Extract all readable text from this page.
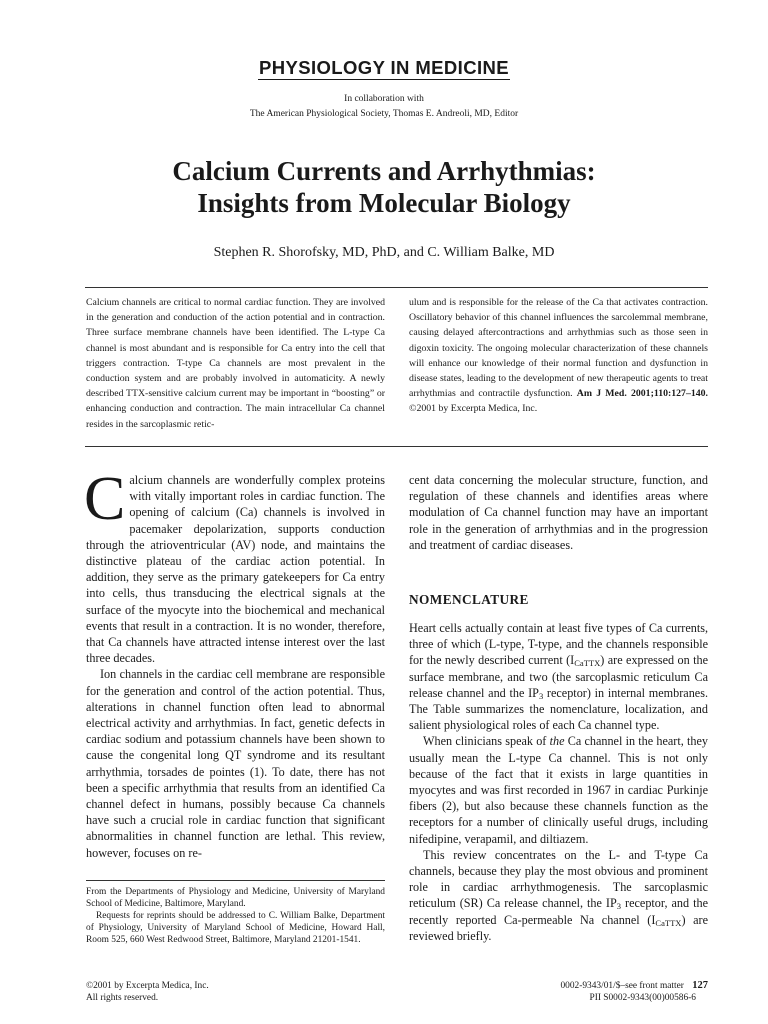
PHYSIOLOGY IN MEDICINE
In collaboration with
The American Physiological Society, Thomas E. Andreoli, MD, Editor
Calcium Currents and Arrhythmias:
Insights from Molecular Biology
Stephen R. Shorofsky, MD, PhD, and C. William Balke, MD

Calcium channels are critical to normal cardiac function. They are involved in the generation and conduction of the action potential and in contraction. Three surface membrane channels have been identified. The L-type Ca channel is most abundant and is responsible for Ca entry into the cell that triggers contraction. T-type Ca channels are most prevalent in the conduction system and are probably involved in automaticity. A newly described TTX-sensitive calcium current may be important in “boosting” or enhancing conduction and contraction. The main intracellular Ca channel resides in the sarcoplasmic retic-

ulum and is responsible for the release of the Ca that activates contraction. Oscillatory behavior of this channel influences the sarcolemmal membrane, causing delayed aftercontractions and arrhythmias such as those seen in digoxin toxicity. The ongoing molecular characterization of these channels will enhance our knowledge of their normal function and dysfunction in disease states, leading to the development of new therapeutic agents to treat arrhythmias and contractile dysfunction. Am J Med. 2001;110:127–140. ©2001 by Excerpta Medica, Inc.

C alcium channels are wonderfully complex proteins with vitally important roles in cardiac function. The opening of calcium (Ca) channels is involved in pacemaker depolarization, supports conduction through the atrioventricular (AV) node, and maintains the distinctive plateau of the cardiac action potential. In addition, they serve as the primary gatekeepers for Ca entry into cells, thus transducing the electrical signals at the surface of the myocyte into the biochemical and mechanical events that result in a contraction. It is no wonder, therefore, that Ca channels have attracted intense interest over the last three decades.

Ion channels in the cardiac cell membrane are responsible for the generation and control of the action potential. Thus, alterations in channel function often lead to abnormal electrical activity and arrhythmias. In fact, genetic defects in cardiac sodium and potassium channels have been shown to cause the congenital long QT syndrome and its resultant arrhythmia, torsades de pointes (1). To date, there has not been a specific arrhythmia that results from an identified Ca channel defect in humans, possibly because Ca channels have such a crucial role in cardiac function that significant abnormalities in channel function are lethal. This review, however, focuses on re-

cent data concerning the molecular structure, function, and regulation of these channels and identifies areas where modulation of Ca channel function may have an important role in the generation of arrhythmias and in the progression and treatment of cardiac diseases.

NOMENCLATURE

Heart cells actually contain at least five types of Ca currents, three of which (L-type, T-type, and the channels responsible for the newly described current $(I_{CaTTX})$ are expressed on the surface membrane, and two (the sarcoplasmic reticulum Ca release channel and the $IP_3$ receptor) in internal membranes. The Table summarizes the nomenclature, localization, and salient physiological roles of each Ca channel type.

When clinicians speak of the Ca channel in the heart, they usually mean the L-type Ca channel. This is not only because of the fact that it exists in large quantities in myocytes and was first recorded in 1967 in cardiac Purkinje fibers (2), but also because these channels function as the receptors for a number of clinically useful drugs, including nifedipine, verapamil, and diltiazem.

This review concentrates on the L- and T-type Ca channels, because they play the most obvious and prominent role in cardiac arrhythmogenesis. The sarcoplasmic reticulum (SR) Ca release channel, the $IP_3$ receptor, and the recently reported Ca-permeable Na channel $(I_{CaTTX})$ are reviewed briefly.

From the Departments of Physiology and Medicine, University of Maryland School of Medicine, Baltimore, Maryland.

Requests for reprints should be addressed to C. William Balke, Department of Physiology, University of Maryland School of Medicine, Howard Hall, Room 525, 660 West Redwood Street, Baltimore, Maryland 21201-1541.

©2001 by Excerpta Medica, Inc.
All rights reserved.
0002-9343/01/$–see front matter 127
PII S0002-9343(00)00586-6
